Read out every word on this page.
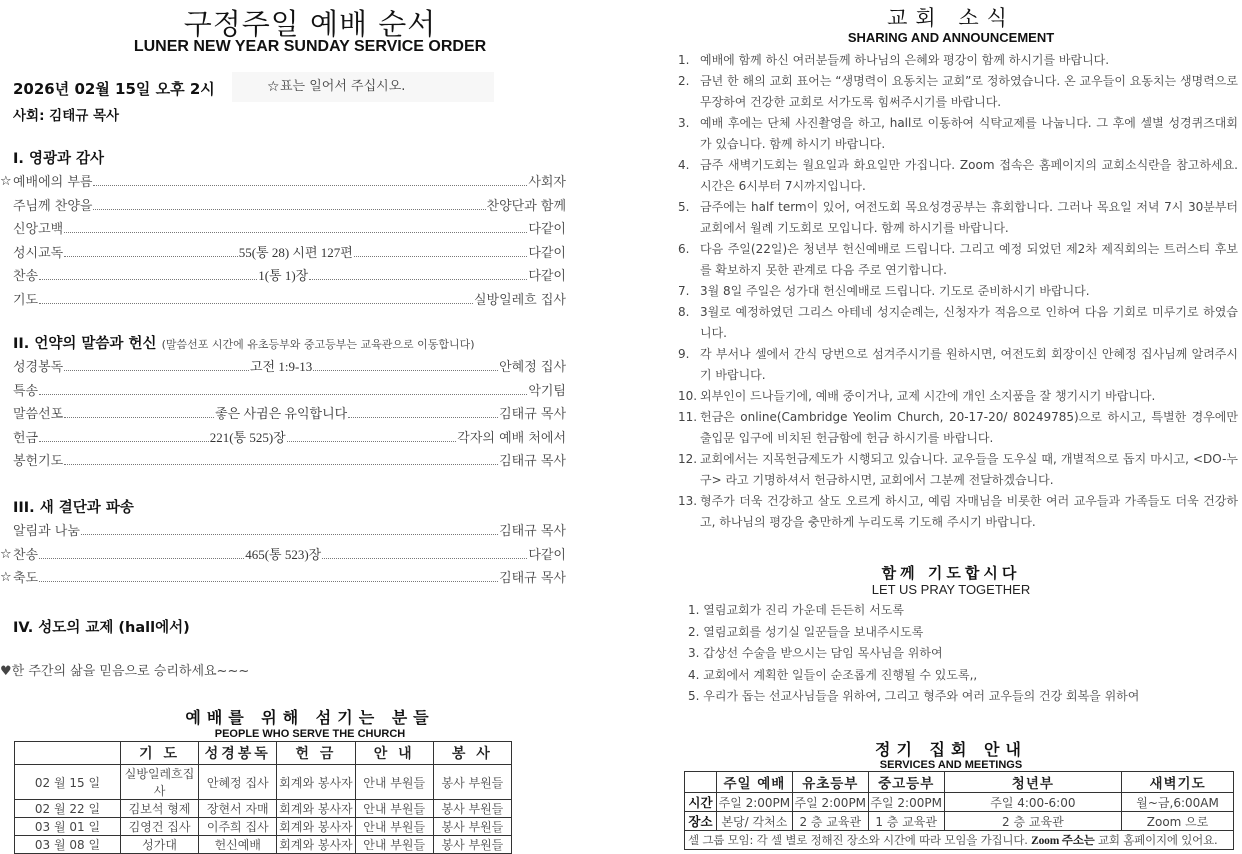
구정주일 예배 순서
LUNER NEW YEAR SUNDAY SERVICE ORDER
2026년 02월 15일 오후 2시	☆ 표는 일어서 주십시오.
사회: 김태규 목사
I. 영광과 감사
☆ 예배에의 부름	사회자
주님께 찬양을	찬양단과 함께
신앙고백	다같이
성시교독	55(통 28) 시편 127편	다같이
찬송	1(통 1)장	다같이
기도	실방일레흐 집사
II. 언약의 말씀과 헌신 (말씀선포 시간에 유초등부와 중고등부는 교육관으로 이동합니다)
성경봉독	고전 1:9-13	안혜정 집사
특송	악기팀
말씀선포	좋은 사귐은 유익합니다	김태규 목사
헌금	221(통 525)장	각자의 예배 처에서
봉헌기도	김태규 목사
III. 새 결단과 파송
알림과 나눔	김태규 목사
☆ 찬송	465(통 523)장	다같이
☆ 축도	김태규 목사
IV. 성도의 교제 (hall에서)
♥한 주간의 삶을 믿음으로 승리하세요~~~
예배를 위해 섬기는 분들
PEOPLE WHO SERVE THE CHURCH
	기 도	성경봉독	헌 금	안 내	봉 사
02 월 15 일	실방일레흐집사	안혜정 집사	회계와 봉사자	안내 부원들	봉사 부원들
02 월 22 일	김보석 형제	장현서 자매	회계와 봉사자	안내 부원들	봉사 부원들
03 월 01 일	김영건 집사	이주희 집사	회계와 봉사자	안내 부원들	봉사 부원들
03 월 08 일	성가대	헌신예배	회계와 봉사자	안내 부원들	봉사 부원들
교회 소식
SHARING AND ANNOUNCEMENT
1. 예배에 함께 하신 여러분들께 하나님의 은혜와 평강이 함께 하시기를 바랍니다.
2. 금년 한 해의 교회 표어는 “생명력이 요동치는 교회”로 정하였습니다. 온 교우들이 요동치는 생명력으로 무장하여 건강한 교회로 서가도록 힘써주시기를 바랍니다.
3. 예배 후에는 단체 사진촬영을 하고, hall로 이동하여 식탁교제를 나눕니다. 그 후에 셀별 성경퀴즈대회가 있습니다. 함께 하시기 바랍니다.
4. 금주 새벽기도회는 월요일과 화요일만 가집니다. Zoom 접속은 홈페이지의 교회소식란을 참고하세요. 시간은 6시부터 7시까지입니다.
5. 금주에는 half term이 있어, 여전도회 목요성경공부는 휴회합니다. 그러나 목요일 저녁 7시 30분부터 교회에서 월례 기도회로 모입니다. 함께 하시기를 바랍니다.
6. 다음 주일(22일)은 청년부 헌신예배로 드립니다. 그리고 예정 되었던 제2차 제직회의는 트러스티 후보를 확보하지 못한 관계로 다음 주로 연기합니다.
7. 3월 8일 주일은 성가대 헌신예배로 드립니다. 기도로 준비하시기 바랍니다.
8. 3월로 예정하였던 그리스 아테네 성지순례는, 신청자가 적음으로 인하여 다음 기회로 미루기로 하였습니다.
9. 각 부서나 셀에서 간식 당번으로 섬겨주시기를 원하시면, 여전도회 회장이신 안혜정 집사님께 알려주시기 바랍니다.
10. 외부인이 드나들기에, 예배 중이거나, 교제 시간에 개인 소지품을 잘 챙기시기 바랍니다.
11. 헌금은 online(Cambridge Yeolim Church, 20-17-20/ 80249785)으로 하시고, 특별한 경우에만 출입문 입구에 비치된 헌금함에 헌금 하시기를 바랍니다.
12. 교회에서는 지목헌금제도가 시행되고 있습니다. 교우들을 도우실 때, 개별적으로 돕지 마시고, <DO-누구> 라고 기명하셔서 헌금하시면, 교회에서 그분께 전달하겠습니다.
13. 형주가 더욱 건강하고 살도 오르게 하시고, 예림 자매님을 비롯한 여러 교우들과 가족들도 더욱 건강하고, 하나님의 평강을 충만하게 누리도록 기도해 주시기 바랍니다.
함께 기도합시다
LET US PRAY TOGETHER
1. 열림교회가 진리 가운데 든든히 서도록
2. 열림교회를 성기실 일꾼들을 보내주시도록
3. 갑상선 수술을 받으시는 담임 목사님을 위하여
4. 교회에서 계획한 일들이 순조롭게 진행될 수 있도록,,
5. 우리가 돕는 선교사님들을 위하여, 그리고 형주와 여러 교우들의 건강 회복을 위하여
정기 집회 안내
SERVICES AND MEETINGS
	주일 예배	유초등부	중고등부	청년부	새벽기도
시간	주일 2:00PM	주일 2:00PM	주일 2:00PM	주일 4:00-6:00	월~금,6:00AM
장소	본당/ 각처소	2 층 교육관	1 층 교육관	2 층 교육관	Zoom 으로
셀 그룹 모임: 각 셀 별로 정해진 장소와 시간에 따라 모임을 가집니다. Zoom 주소는 교회 홈페이지에 있어요.					
